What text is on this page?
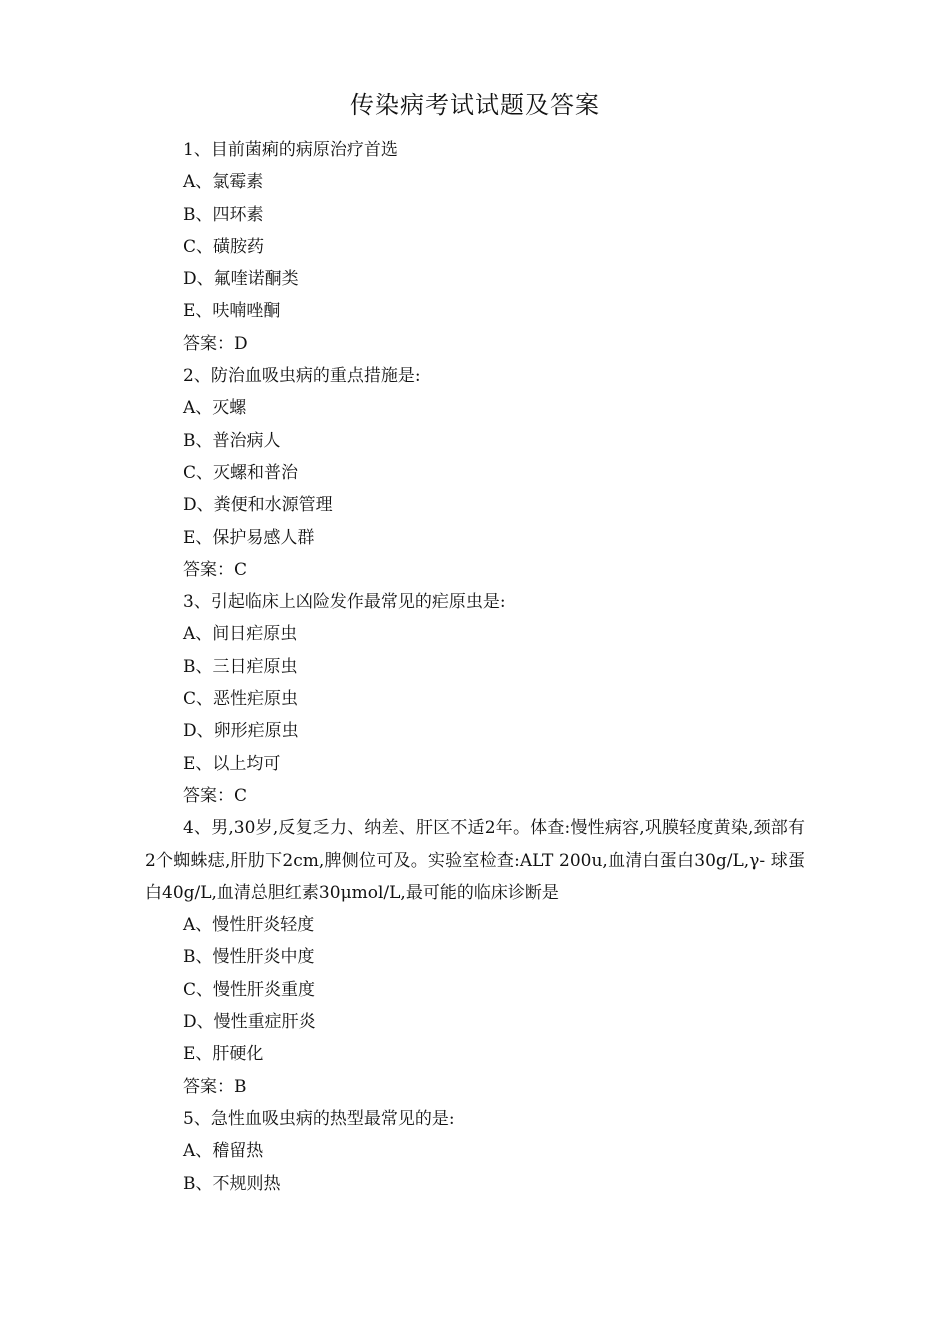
传染病考试试题及答案
1、目前菌痢的病原治疗首选
A、氯霉素
B、四环素
C、磺胺药
D、氟喹诺酮类
E、呋喃唑酮
答案：D
2、防治血吸虫病的重点措施是:
A、灭螺
B、普治病人
C、灭螺和普治
D、粪便和水源管理
E、保护易感人群
答案：C
3、引起临床上凶险发作最常见的疟原虫是:
A、间日疟原虫
B、三日疟原虫
C、恶性疟原虫
D、卵形疟原虫
E、以上均可
答案：C
4、男,30岁,反复乏力、纳差、肝区不适2年。体查:慢性病容,巩膜轻度黄染,颈部有2个蜘蛛痣,肝肋下2cm,脾侧位可及。实验室检查:ALT 200u,血清白蛋白30g/L,γ- 球蛋白40g/L,血清总胆红素30μmol/L,最可能的临床诊断是
A、慢性肝炎轻度
B、慢性肝炎中度
C、慢性肝炎重度
D、慢性重症肝炎
E、肝硬化
答案：B
5、急性血吸虫病的热型最常见的是:
A、稽留热
B、不规则热
